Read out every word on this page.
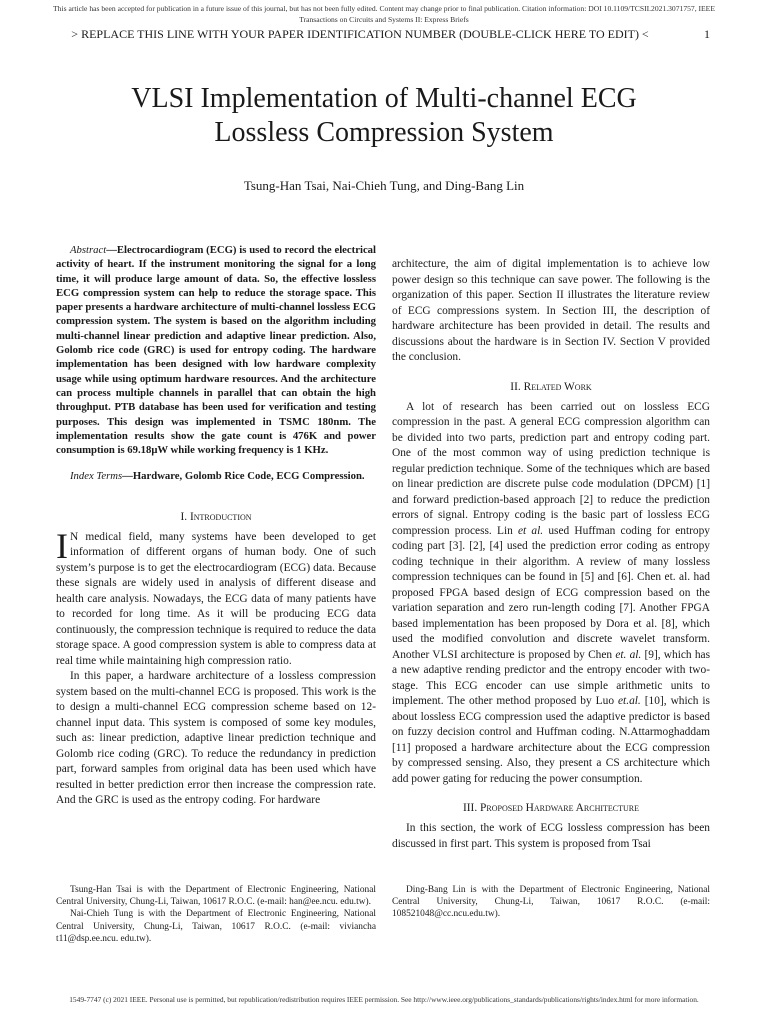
This article has been accepted for publication in a future issue of this journal, but has not been fully edited. Content may change prior to final publication. Citation information: DOI 10.1109/TCSII.2021.3071757, IEEE
Transactions on Circuits and Systems II: Express Briefs
> REPLACE THIS LINE WITH YOUR PAPER IDENTIFICATION NUMBER (DOUBLE-CLICK HERE TO EDIT) <	1
VLSI Implementation of Multi-channel ECG
Lossless Compression System
Tsung-Han Tsai, Nai-Chieh Tung, and Ding-Bang Lin

Abstract—Electrocardiogram (ECG) is used to record the electrical activity of heart. If the instrument monitoring the signal for a long time, it will produce large amount of data. So, the effective lossless ECG compression system can help to reduce the storage space. This paper presents a hardware architecture of multi-channel lossless ECG compression system. The system is based on the algorithm including multi-channel linear prediction and adaptive linear prediction. Also, Golomb rice code (GRC) is used for entropy coding. The hardware implementation has been designed with low hardware complexity usage while using optimum hardware resources. And the architecture can process multiple channels in parallel that can obtain the high throughput. PTB database has been used for verification and testing purposes. This design was implemented in TSMC 180nm. The implementation results show the gate count is 476K and power consumption is 69.18μW while working frequency is 1 KHz.

Index Terms—Hardware, Golomb Rice Code, ECG Compression.

I. Introduction

I N medical field, many systems have been developed to get information of different organs of human body. One of such system’s purpose is to get the electrocardiogram (ECG) data. Because these signals are widely used in analysis of different disease and health care analysis. Nowadays, the ECG data of many patients have to recorded for long time. As it will be producing ECG data continuously, the compression technique is required to reduce the data storage space. A good compression system is able to compress data at real time while maintaining high compression ratio.

In this paper, a hardware architecture of a lossless compression system based on the multi-channel ECG is proposed. This work is the to design a multi-channel ECG compression scheme based on 12-channel input data. This system is composed of some key modules, such as: linear prediction, adaptive linear prediction technique and Golomb rice coding (GRC). To reduce the redundancy in prediction part, forward samples from original data has been used which have resulted in better prediction error then increase the compression rate. And the GRC is used as the entropy coding. For hardware

architecture, the aim of digital implementation is to achieve low power design so this technique can save power. The following is the organization of this paper. Section II illustrates the literature review of ECG compressions system. In Section III, the description of hardware architecture has been provided in detail. The results and discussions about the hardware is in Section IV. Section V provided the conclusion.

II. Related Work

A lot of research has been carried out on lossless ECG compression in the past. A general ECG compression algorithm can be divided into two parts, prediction part and entropy coding part. One of the most common way of using prediction technique is regular prediction technique. Some of the techniques which are based on linear prediction are discrete pulse code modulation (DPCM) [1] and forward prediction-based approach [2] to reduce the prediction errors of signal. Entropy coding is the basic part of lossless ECG compression process. Lin et al. used Huffman coding for entropy coding part [3]. [2], [4] used the prediction error coding as entropy coding technique in their algorithm. A review of many lossless compression techniques can be found in [5] and [6]. Chen et. al. had proposed FPGA based design of ECG compression based on the variation separation and zero run-length coding [7]. Another FPGA based implementation has been proposed by Dora et al. [8], which used the modified convolution and discrete wavelet transform. Another VLSI architecture is proposed by Chen et. al. [9], which has a new adaptive rending predictor and the entropy encoder with two-stage. This ECG encoder can use simple arithmetic units to implement. The other method proposed by Luo et.al. [10], which is about lossless ECG compression used the adaptive predictor is based on fuzzy decision control and Huffman coding. N.Attarmoghaddam [11] proposed a hardware architecture about the ECG compression by compressed sensing. Also, they present a CS architecture which add power gating for reducing the power consumption.

III. Proposed Hardware Architecture

In this section, the work of ECG lossless compression has been discussed in first part. This system is proposed from Tsai

Tsung-Han Tsai is with the Department of Electronic Engineering, National Central University, Chung-Li, Taiwan, 10617 R.O.C. (e-mail: han@ee.ncu. edu.tw).

Nai-Chieh Tung is with the Department of Electronic Engineering, National Central University, Chung-Li, Taiwan, 10617 R.O.C. (e-mail: viviancha t11@dsp.ee.ncu. edu.tw).

Ding-Bang Lin is with the Department of Electronic Engineering, National Central University, Chung-Li, Taiwan, 10617 R.O.C. (e-mail: 108521048@cc.ncu.edu.tw).

1549-7747 (c) 2021 IEEE. Personal use is permitted, but republication/redistribution requires IEEE permission. See http://www.ieee.org/publications_standards/publications/rights/index.html for more information.
